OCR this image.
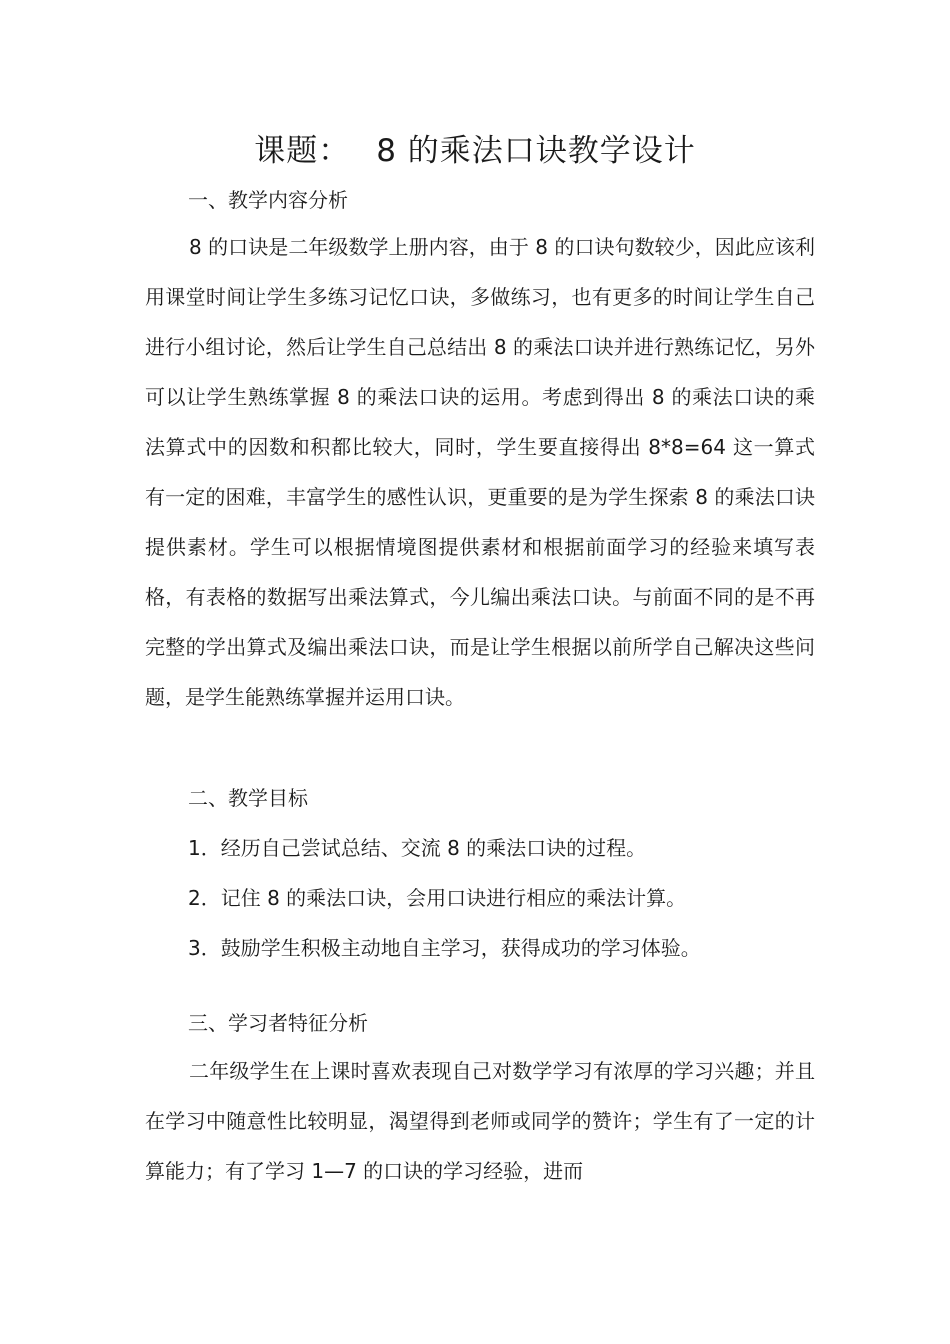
课题： 8 的乘法口诀教学设计
一、教学内容分析

8 的口诀是二年级数学上册内容，由于 8 的口诀句数较少，因此应该利用课堂时间让学生多练习记忆口诀，多做练习，也有更多的时间让学生自己进行小组讨论，然后让学生自己总结出 8 的乘法口诀并进行熟练记忆，另外可以让学生熟练掌握 8 的乘法口诀的运用。考虑到得出 8 的乘法口诀的乘法算式中的因数和积都比较大，同时，学生要直接得出 8*8=64 这一算式有一定的困难，丰富学生的感性认识，更重要的是为学生探索 8 的乘法口诀提供素材。学生可以根据情境图提供素材和根据前面学习的经验来填写表格，有表格的数据写出乘法算式，今儿编出乘法口诀。与前面不同的是不再完整的学出算式及编出乘法口诀，而是让学生根据以前所学自己解决这些问题，是学生能熟练掌握并运用口诀。

二、教学目标
1．经历自己尝试总结、交流 8 的乘法口诀的过程。
2．记住 8 的乘法口诀，会用口诀进行相应的乘法计算。
3．鼓励学生积极主动地自主学习，获得成功的学习体验。
三、学习者特征分析

二年级学生在上课时喜欢表现自己对数学学习有浓厚的学习兴趣；并且在学习中随意性比较明显，渴望得到老师或同学的赞许；学生有了一定的计算能力；有了学习 1—7 的口诀的学习经验，进而
